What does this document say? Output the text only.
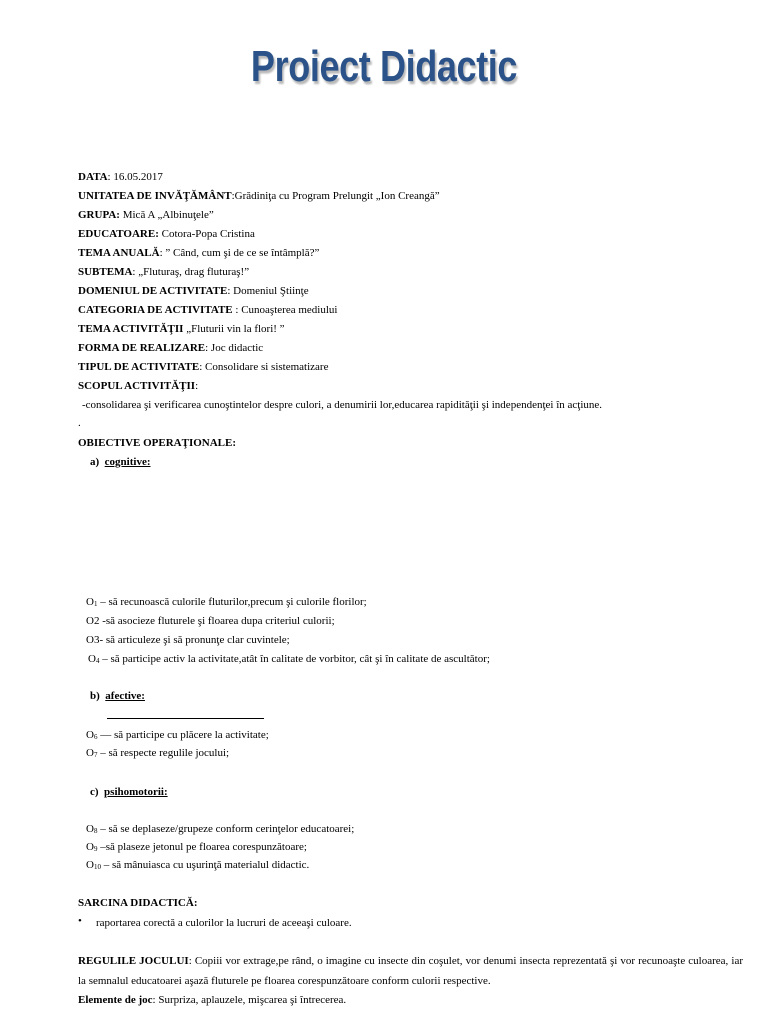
Proiect Didactic
DATA: 16.05.2017
UNITATEA DE INVĂŢĂMÂNT:Grădiniţa cu Program Prelungit „Ion Creangă”
GRUPA: Mică A „Albinuţele”
EDUCATOARE: Cotora-Popa Cristina
TEMA ANUALĂ: ” Când, cum şi de ce se întâmplă?”
SUBTEMA: „Fluturaş, drag fluturaş!”
DOMENIUL DE ACTIVITATE: Domeniul Ştiinţe
CATEGORIA DE ACTIVITATE : Cunoaşterea mediului
TEMA ACTIVITĂŢII „Fluturii vin la flori! ”
FORMA DE REALIZARE: Joc didactic
TIPUL DE ACTIVITATE: Consolidare si sistematizare
SCOPUL ACTIVITĂŢII:
-consolidarea şi verificarea cunoştintelor despre culori, a denumirii lor,educarea rapidităţii şi independenţei în acţiune.
.
OBIECTIVE OPERAŢIONALE:
a) cognitive:
O1 – să recunoască culorile fluturilor,precum şi culorile florilor;
O2 -să asocieze fluturele şi floarea dupa criteriul culorii;
O3- să articuleze şi să pronunţe clar cuvintele;
O4 – să participe activ la activitate,atât în calitate de vorbitor, cât şi în calitate de ascultător;
b) afective:
O6 — să participe cu plăcere la activitate;
O7 – să respecte regulile jocului;
c) psihomotorii:
O8 – să se deplaseze/grupeze conform cerinţelor educatoarei;
O9 –să plaseze jetonul pe floarea corespunzătoare;
O10 – să mânuiasca cu uşurinţă materialul didactic.
SARCINA DIDACTICĂ:
• raportarea corectă a culorilor la lucruri de aceeaşi culoare.
REGULILE JOCULUI: Copiii vor extrage,pe rând, o imagine cu insecte din coşulet, vor denumi insecta reprezentată şi vor recunoaşte culoarea, iar la semnalul educatoarei aşază fluturele pe floarea corespunzătoare conform culorii respective.
Elemente de joc: Surpriza, aplauzele, mişcarea şi întrecerea.
